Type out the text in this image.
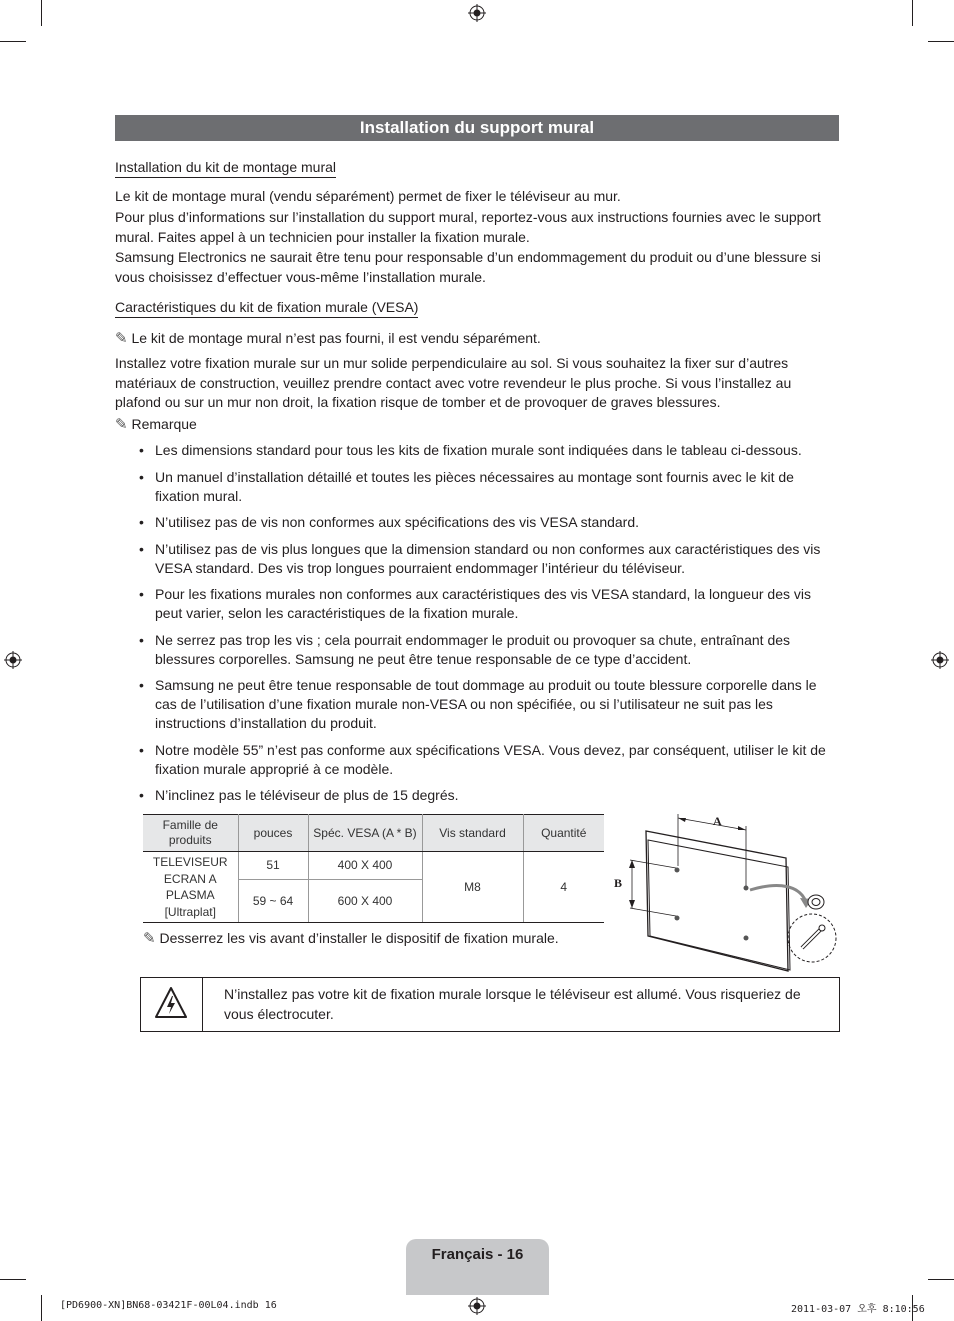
Installation du support mural
Installation du kit de montage mural
Le kit de montage mural (vendu séparément) permet de fixer le téléviseur au mur.
Pour plus d’informations sur l’installation du support mural, reportez-vous aux instructions fournies avec le support mural. Faites appel à un technicien pour installer la fixation murale.
Samsung Electronics ne saurait être tenu pour responsable d’un endommagement du produit ou d’une blessure si vous choisissez d’effectuer vous-même l’installation murale.
Caractéristiques du kit de fixation murale (VESA)
✎ Le kit de montage mural n’est pas fourni, il est vendu séparément.
Installez votre fixation murale sur un mur solide perpendiculaire au sol. Si vous souhaitez la fixer sur d’autres matériaux de construction, veuillez prendre contact avec votre revendeur le plus proche. Si vous l’installez au plafond ou sur un mur non droit, la fixation risque de tomber et de provoquer de graves blessures.
✎ Remarque
• Les dimensions standard pour tous les kits de fixation murale sont indiquées dans le tableau ci-dessous.
• Un manuel d’installation détaillé et toutes les pièces nécessaires au montage sont fournis avec le kit de fixation mural.
• N’utilisez pas de vis non conformes aux spécifications des vis VESA standard.
• N’utilisez pas de vis plus longues que la dimension standard ou non conformes aux caractéristiques des vis VESA standard. Des vis trop longues pourraient endommager l’intérieur du téléviseur.
• Pour les fixations murales non conformes aux caractéristiques des vis VESA standard, la longueur des vis peut varier, selon les caractéristiques de la fixation murale.
• Ne serrez pas trop les vis ; cela pourrait endommager le produit ou provoquer sa chute, entraînant des blessures corporelles. Samsung ne peut être tenue responsable de ce type d’accident.
• Samsung ne peut être tenue responsable de tout dommage au produit ou toute blessure corporelle dans le cas de l’utilisation d’une fixation murale non-VESA ou non spécifiée, ou si l’utilisateur ne suit pas les instructions d’installation du produit.
• Notre modèle 55” n’est pas conforme aux spécifications VESA. Vous devez, par conséquent, utiliser le kit de fixation murale approprié à ce modèle.
• N’inclinez pas le téléviseur de plus de 15 degrés.
Famille de produits	pouces	Spéc. VESA (A * B)	Vis standard	Quantité
TELEVISEUR ECRAN A PLASMA [Ultraplat]	51	400 X 400	M8	4
	59 ~ 64	600 X 400		
A
B
✎ Desserrez les vis avant d’installer le dispositif de fixation murale.
N’installez pas votre kit de fixation murale lorsque le téléviseur est allumé. Vous risqueriez de vous électrocuter.
Français - 16
[PD6900-XN]BN68-03421F-00L04.indb 16	2011-03-07 오후 8:10:56
